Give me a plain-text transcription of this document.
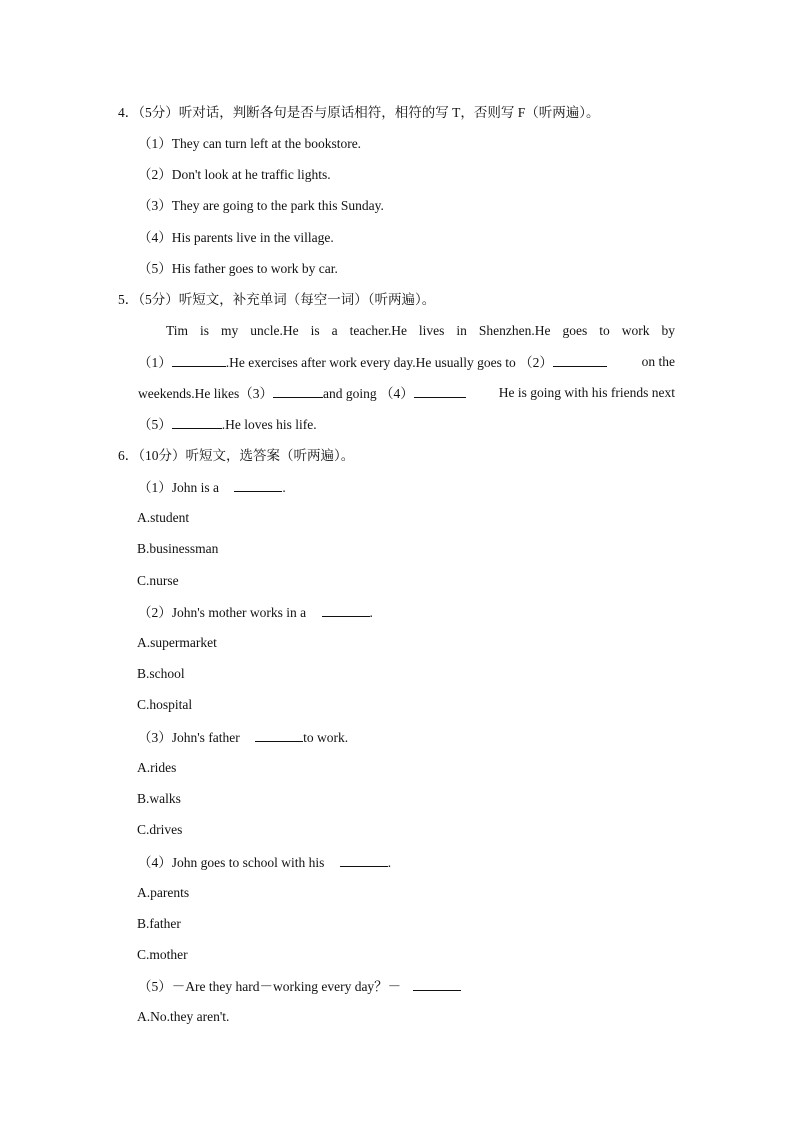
4．（5分）听对话，判断各句是否与原话相符，相符的写 T，否则写 F（听两遍）。
（1）They can turn left at the bookstore.
（2）Don't look at he traffic lights.
（3）They are going to the park this Sunday.
（4）His parents live in the village.
（5）His father goes to work by car.
5．（5分）听短文，补充单词（每空一词）（听两遍）。
Tim is my uncle.He is a teacher.He lives in Shenzhen.He goes to work by
（1）	.He exercises after work every day.He usually goes to （2）	on the
weekends.He likes（3）	and going （4）	He is going with his friends next
（5）	.He loves his life.
6．（10分）听短文，选答案（听两遍）。
（1）John is a	.
A.student
B.businessman
C.nurse
（2）John's mother works in a	.
A.supermarket
B.school
C.hospital
（3）John's father	to work.
A.rides
B.walks
C.drives
（4）John goes to school with his	.
A.parents
B.father
C.mother
（5）－Are they hard－working every day？－
A.No.they aren't.
